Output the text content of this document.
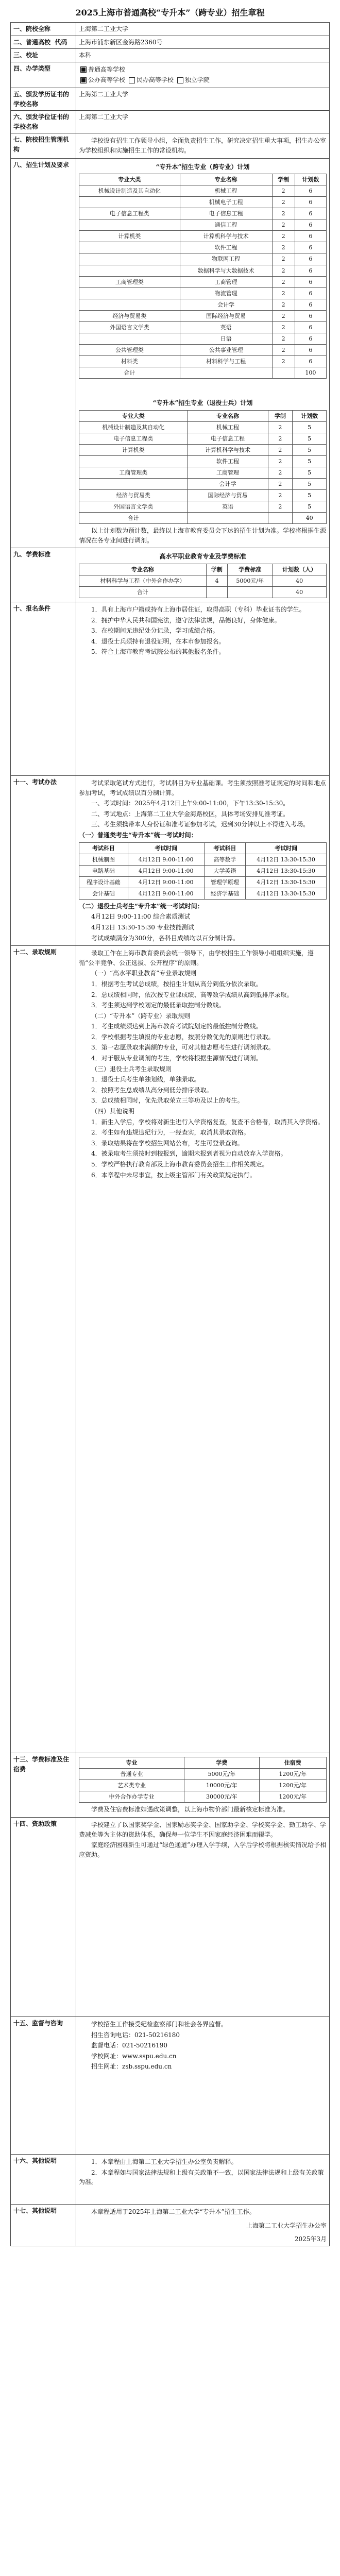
2025上海市普通高校“专升本”（跨专业）招生章程
一、院校全称	上海第二工业大学
二、普通高校  代码	上海市浦东新区金海路2360号
三、校址	本科
四、办学类型	普通高等学校
公办高等学校 民办高等学校 独立学院

五、颁发学历证书的学校名称	上海第二工业大学
六、颁发学位证书的学校名称	上海第二工业大学
七、院校招生管理机构	

学校设有招生工作领导小组，全面负责招生工作，研究决定招生重大事项，招生办公室为学校组织和实施招生工作的常设机构。

八、招生计划及要求	“专升本”招生专业（跨专业）计划
专业大类	专业名称	学制	计划数
机械设计制造及其自动化	机械工程	2	6
	机械电子工程	2	6
电子信息工程类	电子信息工程	2	6
	通信工程	2	6
计算机类	计算机科学与技术	2	6
	软件工程	2	6
	物联网工程	2	6
	数据科学与大数据技术	2	6
工商管理类	工商管理	2	6
	物流管理	2	6
	会计学	2	6
经济与贸易类	国际经济与贸易	2	6
外国语言文学类	英语	2	6
	日语	2	6
公共管理类	公共事业管理	2	6
材料类	材料科学与工程	2	6
合计			100
“专升本”招生专业（退役士兵）计划
专业大类	专业名称	学制	计划数
机械设计制造及其自动化	机械工程	2	5
电子信息工程类	电子信息工程	2	5
计算机类	计算机科学与技术	2	5
	软件工程	2	5
工商管理类	工商管理	2	5
	会计学	2	5
经济与贸易类	国际经济与贸易	2	5
外国语言文学类	英语	2	5
合计			40

以上计划数为预计数，最终以上海市教育委员会下达的招生计划为准。学校将根据生源情况在各专业间进行调剂。

九、学费标准	高水平职业教育专业及学费标准
专业名称	学制	学费标准	计划数（人）
材料科学与工程（中外合作办学）	4	5000元/年	40
合计			40

十、报名条件	1．具有上海市户籍或持有上海市居住证，取得高职（专科）毕业证书的学生。

2．拥护中华人民共和国宪法，遵守法律法规，品德良好，身体健康。

3．在校期间无违纪处分记录，学习成绩合格。

4．退役士兵须持有退役证明，在本市参加报名。

5．符合上海市教育考试院公布的其他报名条件。

十一、考试办法	考试采取笔试方式进行，考试科目为专业基础课。考生须按照准考证规定的时间和地点参加考试，考试成绩以百分制计算。

一、考试时间：2025年4月12日上午9:00-11:00，下午13:30-15:30。

二、考试地点：上海第二工业大学金海路校区，具体考场安排见准考证。

三、考生须携带本人身份证和准考证参加考试，迟到30分钟以上不得进入考场。

（一）普通类考生“专升本”统一考试时间：

考试科目	考试时间	考试科目	考试时间
机械制图	4月12日 9:00-11:00	高等数学	4月12日 13:30-15:30
电路基础	4月12日 9:00-11:00	大学英语	4月12日 13:30-15:30
程序设计基础	4月12日 9:00-11:00	管理学原理	4月12日 13:30-15:30
会计基础	4月12日 9:00-11:00	经济学基础	4月12日 13:30-15:30

（二）退役士兵考生“专升本”统一考试时间：

4月12日 9:00-11:00 综合素质测试

4月12日 13:30-15:30 专业技能测试

考试成绩满分为300分，各科目成绩均以百分制计算。

十二、录取规则	录取工作在上海市教育委员会统一领导下，由学校招生工作领导小组组织实施，遵循“公平竞争、公正选拔、公开程序”的原则。

（一）“高水平职业教育”专业录取规则

1．根据考生考试总成绩，按招生计划从高分到低分依次录取。

2．总成绩相同时，依次按专业课成绩、高等数学成绩从高到低排序录取。

3．考生须达到学校划定的最低录取控制分数线。

（二）“专升本”（跨专业）录取规则

1．考生成绩须达到上海市教育考试院划定的最低控制分数线。

2．学校根据考生填报的专业志愿，按照分数优先的原则进行录取。

3．第一志愿录取未满额的专业，可对其他志愿考生进行调剂录取。

4．对于服从专业调剂的考生，学校将根据生源情况进行调剂。

（三）退役士兵考生录取规则

1．退役士兵考生单独划线，单独录取。

2．按照考生总成绩从高分到低分排序录取。

3．总成绩相同时，优先录取荣立三等功及以上的考生。

（四）其他说明

1．新生入学后，学校将对新生进行入学资格复查，复查不合格者，取消其入学资格。

2．考生如有违规违纪行为，一经查实，取消其录取资格。

3．录取结果将在学校招生网站公布，考生可登录查询。

4．被录取考生须按时到校报到，逾期未报到者视为自动放弃入学资格。

5．学校严格执行教育部及上海市教育委员会招生工作相关规定。

6．本章程中未尽事宜，按上级主管部门有关政策规定执行。

十三、学费标准及住宿费	
专业	学费	住宿费
普通专业	5000元/年	1200元/年
艺术类专业	10000元/年	1200元/年
中外合作办学专业	30000元/年	1200元/年

学费及住宿费标准如遇政策调整，以上海市物价部门最新核定标准为准。

十四、资助政策	学校建立了以国家奖学金、国家励志奖学金、国家助学金、学校奖学金、勤工助学、学费减免等为主体的资助体系，确保每一位学生不因家庭经济困难而辍学。

家庭经济困难新生可通过“绿色通道”办理入学手续，入学后学校将根据核实情况给予相应资助。

十五、监督与咨询	学校招生工作接受纪检监察部门和社会各界监督。

招生咨询电话：021-50216180

监督电话：021-50216190

学校网址：www.sspu.edu.cn

招生网址：zsb.sspu.edu.cn

十六、其他说明	1．本章程由上海第二工业大学招生办公室负责解释。

2．本章程如与国家法律法规和上级有关政策不一致，以国家法律法规和上级有关政策为准。

十七、其他说明	本章程适用于2025年上海第二工业大学“专升本”招生工作。

上海第二工业大学招生办公室
2025年3月
